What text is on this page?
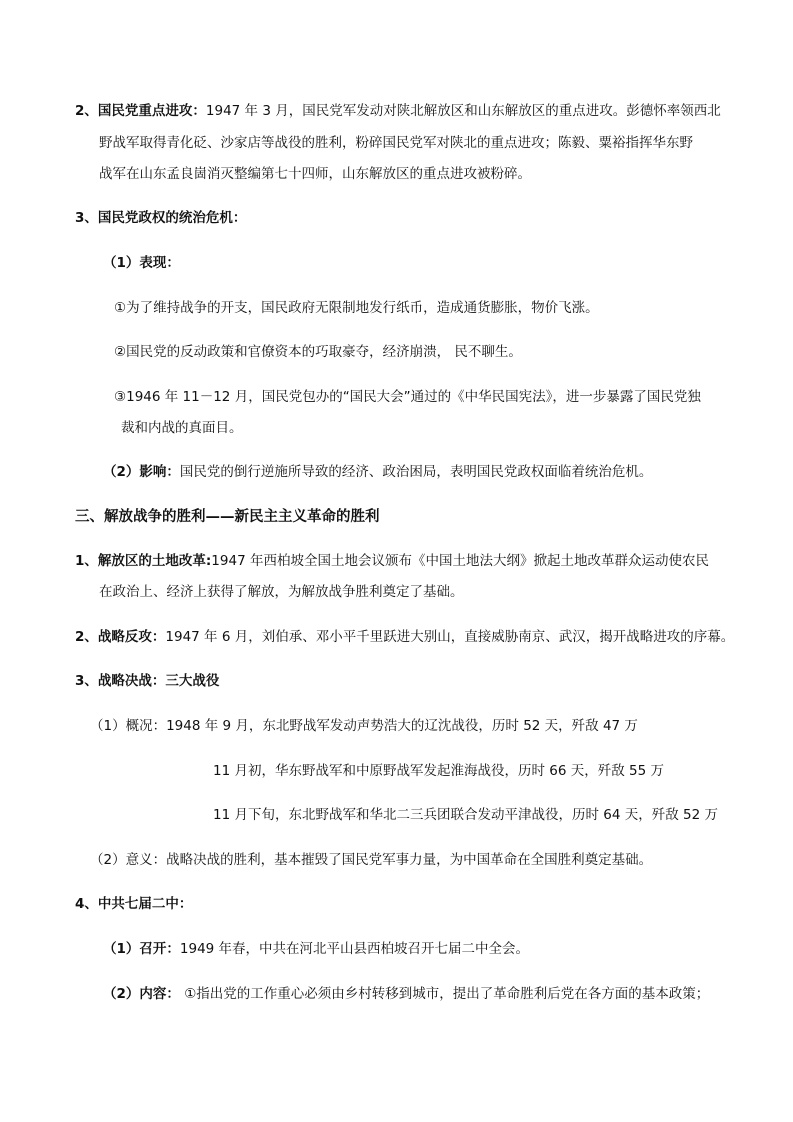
2、国民党重点进攻：1947 年 3 月，国民党军发动对陕北解放区和山东解放区的重点进攻。彭德怀率领西北
野战军取得青化砭、沙家店等战役的胜利，粉碎国民党军对陕北的重点进攻；陈毅、粟裕指挥华东野
战军在山东孟良崮消灭整编第七十四师，山东解放区的重点进攻被粉碎。
3、国民党政权的统治危机：
（1）表现：
①为了维持战争的开支，国民政府无限制地发行纸币，造成通货膨胀，物价飞涨。
②国民党的反动政策和官僚资本的巧取豪夺，经济崩溃， 民不聊生。
③1946 年 11－12 月，国民党包办的“国民大会”通过的《中华民国宪法》，进一步暴露了国民党独
裁和内战的真面目。
（2）影响：国民党的倒行逆施所导致的经济、政治困局，表明国民党政权面临着统治危机。
三、解放战争的胜利——新民主主义革命的胜利
1、解放区的土地改革:1947 年西柏坡全国土地会议颁布《中国土地法大纲》掀起土地改革群众运动使农民
在政治上、经济上获得了解放，为解放战争胜利奠定了基础。
2、战略反攻：1947 年 6 月，刘伯承、邓小平千里跃进大别山，直接威胁南京、武汉，揭开战略进攻的序幕。
3、战略决战：三大战役
（1）概况：1948 年 9 月，东北野战军发动声势浩大的辽沈战役，历时 52 天，歼敌 47 万
11 月初，华东野战军和中原野战军发起淮海战役，历时 66 天，歼敌 55 万
11 月下旬，东北野战军和华北二三兵团联合发动平津战役，历时 64 天，歼敌 52 万
（2）意义：战略决战的胜利，基本摧毁了国民党军事力量，为中国革命在全国胜利奠定基础。
4、中共七届二中：
（1）召开：1949 年春，中共在河北平山县西柏坡召开七届二中全会。
（2）内容： ①指出党的工作重心必须由乡村转移到城市，提出了革命胜利后党在各方面的基本政策；
